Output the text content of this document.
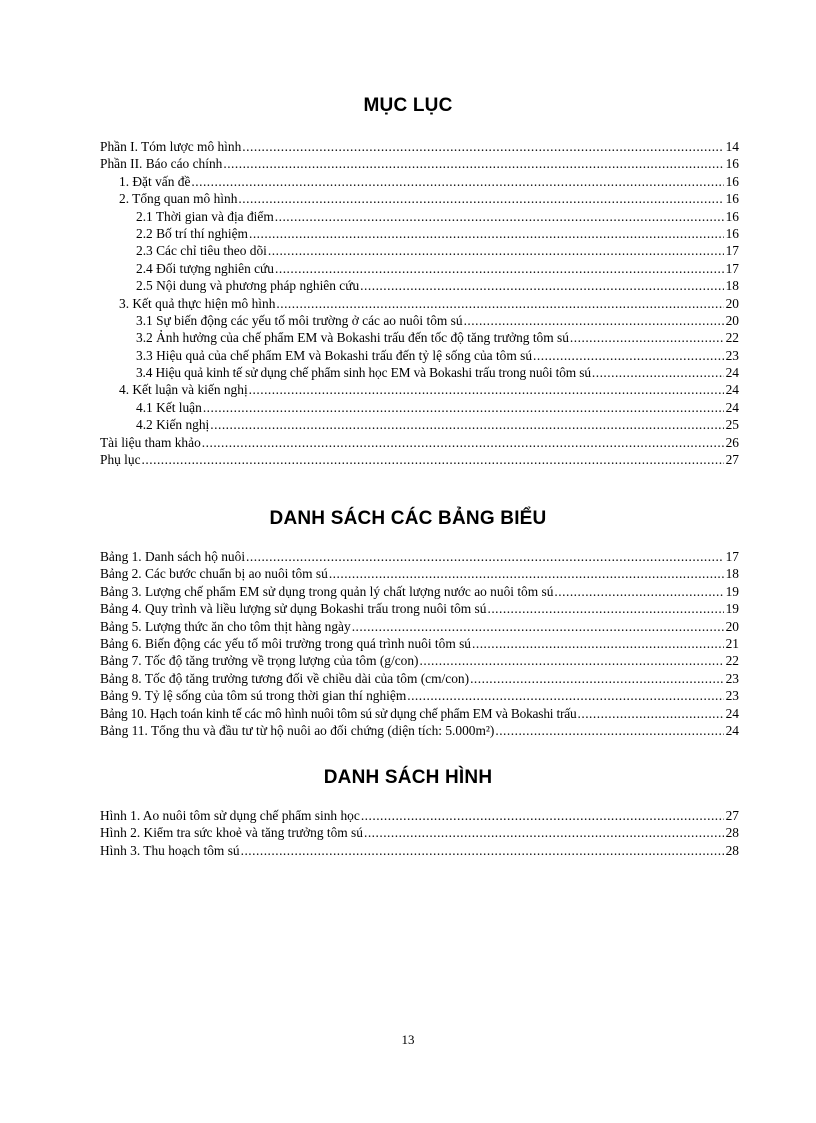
MỤC LỤC
Phần I. Tóm lược mô hình .....	14
Phần II. Báo cáo chính .....	16
1. Đặt vấn đề .....	16
2. Tổng quan mô hình .....	16
2.1 Thời gian và địa điểm .....	16
2.2 Bố trí thí nghiệm .....	16
2.3 Các chỉ tiêu theo dõi .....	17
2.4 Đối tượng nghiên cứu .....	17
2.5 Nội dung và phương pháp nghiên cứu .....	18
3. Kết quả thực hiện mô hình .....	20
3.1 Sự biến động các yếu tố môi trường ở các ao nuôi tôm sú .....	20
3.2 Ảnh hưởng của chế phẩm EM và Bokashi trấu đến tốc độ tăng trưởng tôm sú .....	22
3.3 Hiệu quả của chế phẩm EM và Bokashi trấu đến tỷ lệ sống của tôm sú .....	23
3.4 Hiệu quả kinh tế sử dụng chế phẩm sinh học EM và Bokashi trấu trong nuôi tôm sú .....	24
4. Kết luận và kiến nghị .....	24
4.1 Kết luận .....	24
4.2 Kiến nghị .....	25
Tài liệu tham khảo .....	26
Phụ lục .....	27
DANH SÁCH CÁC BẢNG BIỂU
Bảng 1. Danh sách hộ nuôi .....	17
Bảng 2. Các bước chuẩn bị ao nuôi tôm sú .....	18
Bảng 3. Lượng chế phẩm EM sử dụng trong quản lý chất lượng nước ao nuôi tôm sú .....	19
Bảng 4. Quy trình và liều lượng sử dụng Bokashi trấu trong nuôi tôm sú .....	19
Bảng 5. Lượng thức ăn cho tôm thịt hàng ngày .....	20
Bảng 6. Biến động các yếu tố môi trường trong quá trình nuôi tôm sú .....	21
Bảng 7. Tốc độ tăng trưởng về trọng lượng của tôm (g/con) .....	22
Bảng 8. Tốc độ tăng trưởng tương đối về chiều dài của tôm (cm/con) .....	23
Bảng 9. Tỷ lệ sống của tôm sú trong thời gian thí nghiệm .....	23
Bảng 10. Hạch toán kinh tế các mô hình nuôi tôm sú sử dụng chế phẩm EM và Bokashi trấu .....	24
Bảng 11. Tổng thu và đầu tư từ hộ nuôi ao đối chứng (diện tích: 5.000m²) .....	24
DANH SÁCH HÌNH
Hình 1. Ao nuôi tôm sử dụng chế phẩm sinh học .....	27
Hình 2. Kiểm tra sức khoẻ và tăng trưởng tôm sú .....	28
Hình 3. Thu hoạch tôm sú .....	28
13
